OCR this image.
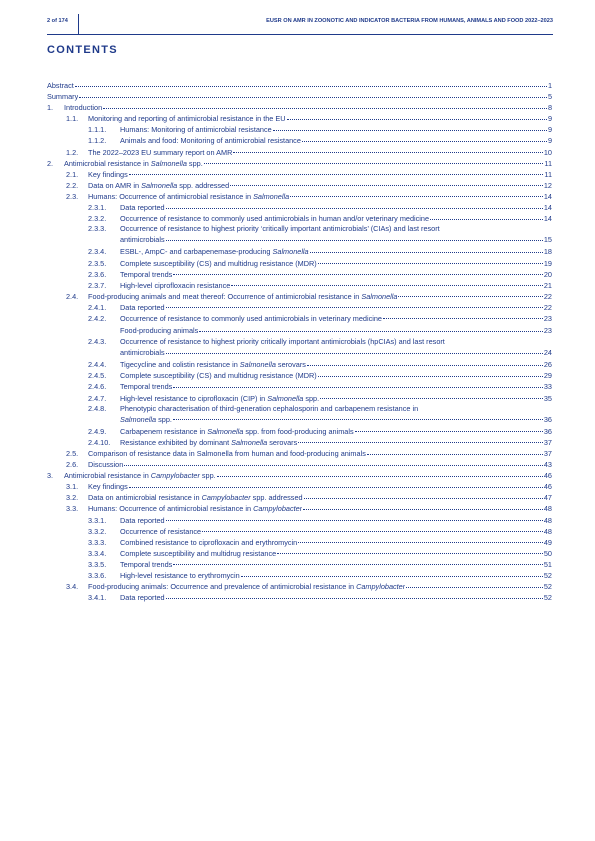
2 of 174	EUSR ON AMR IN ZOONOTIC AND INDICATOR BACTERIA FROM HUMANS, ANIMALS AND FOOD 2022–2023
CONTENTS
Abstract	1
Summary	5
1. Introduction	8
1.1. Monitoring and reporting of antimicrobial resistance in the EU	9
1.1.1. Humans: Monitoring of antimicrobial resistance	9
1.1.2. Animals and food: Monitoring of antimicrobial resistance	9
1.2. The 2022–2023 EU summary report on AMR	10
2. Antimicrobial resistance in Salmonella spp.	11
2.1. Key findings	11
2.2. Data on AMR in Salmonella spp. addressed	12
2.3. Humans: Occurrence of antimicrobial resistance in Salmonella	14
2.3.1. Data reported	14
2.3.2. Occurrence of resistance to commonly used antimicrobials in human and/or veterinary medicine	14
2.3.3. Occurrence of resistance to highest priority ‘critically important antimicrobials’ (CIAs) and last resort
antimicrobials	15
2.3.4. ESBL-, AmpC- and carbapenemase-producing Salmonella	18
2.3.5. Complete susceptibility (CS) and multidrug resistance (MDR)	19
2.3.6. Temporal trends	20
2.3.7. High-level ciprofloxacin resistance	21
2.4. Food-producing animals and meat thereof: Occurrence of antimicrobial resistance in Salmonella	22
2.4.1. Data reported	22
2.4.2. Occurrence of resistance to commonly used antimicrobials in veterinary medicine	23
Food-producing animals	23
2.4.3. Occurrence of resistance to highest priority critically important antimicrobials (hpCIAs) and last resort
antimicrobials	24
2.4.4. Tigecycline and colistin resistance in Salmonella serovars	26
2.4.5. Complete susceptibility (CS) and multidrug resistance (MDR)	29
2.4.6. Temporal trends	33
2.4.7. High-level resistance to ciprofloxacin (CIP) in Salmonella spp.	35
2.4.8. Phenotypic characterisation of third-generation cephalosporin and carbapenem resistance in
Salmonella spp.	36
2.4.9. Carbapenem resistance in Salmonella spp. from food-producing animals	36
2.4.10. Resistance exhibited by dominant Salmonella serovars	37
2.5. Comparison of resistance data in Salmonella from human and food-producing animals	37
2.6. Discussion	43
3. Antimicrobial resistance in Campylobacter spp.	46
3.1. Key findings	46
3.2. Data on antimicrobial resistance in Campylobacter spp. addressed	47
3.3. Humans: Occurrence of antimicrobial resistance in Campylobacter	48
3.3.1. Data reported	48
3.3.2. Occurrence of resistance	48
3.3.3. Combined resistance to ciprofloxacin and erythromycin	49
3.3.4. Complete susceptibility and multidrug resistance	50
3.3.5. Temporal trends	51
3.3.6. High-level resistance to erythromycin	52
3.4. Food-producing animals: Occurrence and prevalence of antimicrobial resistance in Campylobacter	52
3.4.1. Data reported	52
